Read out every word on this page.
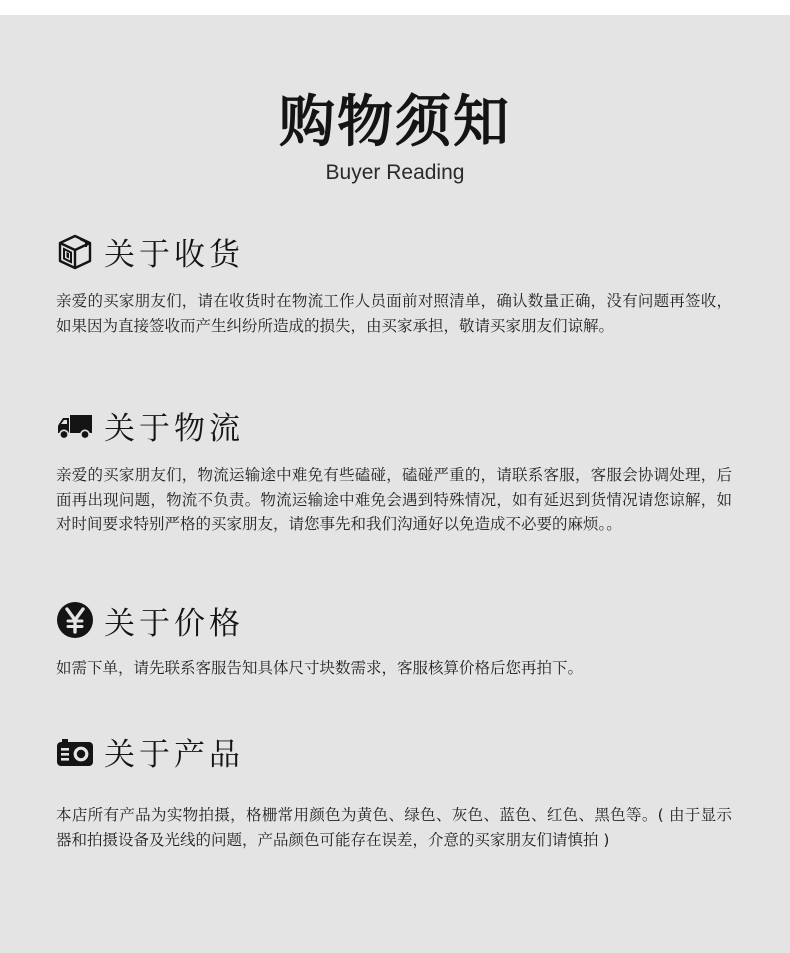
购物须知
Buyer Reading
关于收货
亲爱的买家朋友们，请在收货时在物流工作人员面前对照清单，确认数量正确，没有问题再签收，如果因为直接签收而产生纠纷所造成的损失，由买家承担，敬请买家朋友们谅解。
关于物流
亲爱的买家朋友们，物流运输途中难免有些磕碰，磕碰严重的，请联系客服，客服会协调处理，后面再出现问题，物流不负责。物流运输途中难免会遇到特殊情况，如有延迟到货情况请您谅解，如对时间要求特别严格的买家朋友，请您事先和我们沟通好以免造成不必要的麻烦。。
关于价格
如需下单，请先联系客服告知具体尺寸块数需求，客服核算价格后您再拍下。
关于产品
本店所有产品为实物拍摄，格栅常用颜色为黄色、绿色、灰色、蓝色、红色、黑色等。( 由于显示器和拍摄设备及光线的问题，产品颜色可能存在误差，介意的买家朋友们请慎拍 )
